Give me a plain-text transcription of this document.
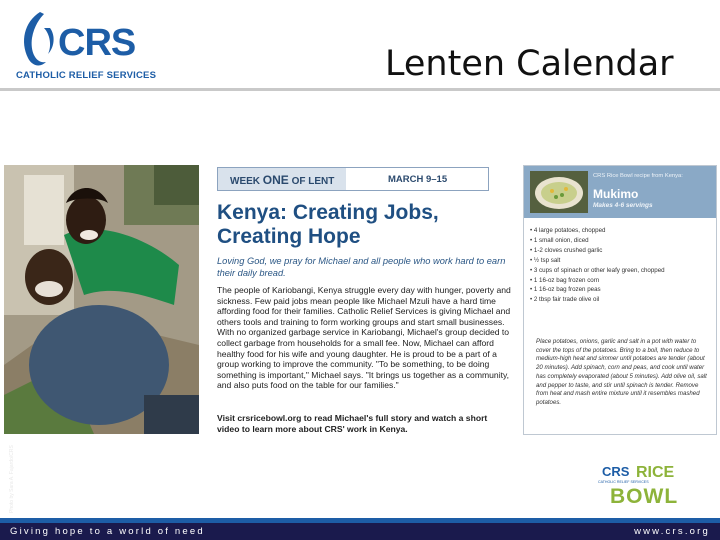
CRS
CATHOLIC RELIEF SERVICES	Lenten Calendar
Photo by Sara A. Fajardo/CRS
WEEK ONE OF LENT	MARCH 9–15
Kenya: Creating Jobs, Creating Hope

Loving God, we pray for Michael and all people who work hard to earn their daily bread.

The people of Kariobangi, Kenya struggle every day with hunger, poverty and sickness. Few paid jobs mean people like Michael Mzuli have a hard time affording food for their families. Catholic Relief Services is giving Michael and others tools and training to form working groups and start small businesses. With no organized garbage service in Kariobangi, Michael's group decided to collect garbage from households for a small fee. Now, Michael can afford healthy food for his wife and young daughter. He is proud to be a part of a group working to improve the community. "To be something, to be doing something is important," Michael says. "It brings us together as a community, and also puts food on the table for our families."

Visit crsricebowl.org to read Michael's full story and watch a short video to learn more about CRS' work in Kenya.

CRS Rice Bowl recipe from Kenya:
Mukimo
Makes 4-6 servings
• 4 large potatoes, chopped
• 1 small onion, diced
• 1-2 cloves crushed garlic
• ½ tsp salt
• 3 cups of spinach or other leafy green, chopped
• 1 16-oz bag frozen corn
• 1 16-oz bag frozen peas
• 2 tbsp fair trade olive oil

Place potatoes, onions, garlic and salt in a pot with water to cover the tops of the potatoes. Bring to a boil, then reduce to medium-high heat and simmer until potatoes are tender (about 20 minutes). Add spinach, corn and peas, and cook until water has completely evaporated (about 5 minutes). Add olive oil, salt and pepper to taste, and stir until spinach is tender. Remove from heat and mash entire mixture until it resembles mashed potatoes.

CRS RICE
CATHOLIC RELIEF SERVICES
BOWL
Giving hope to a world of need	www.crs.org
